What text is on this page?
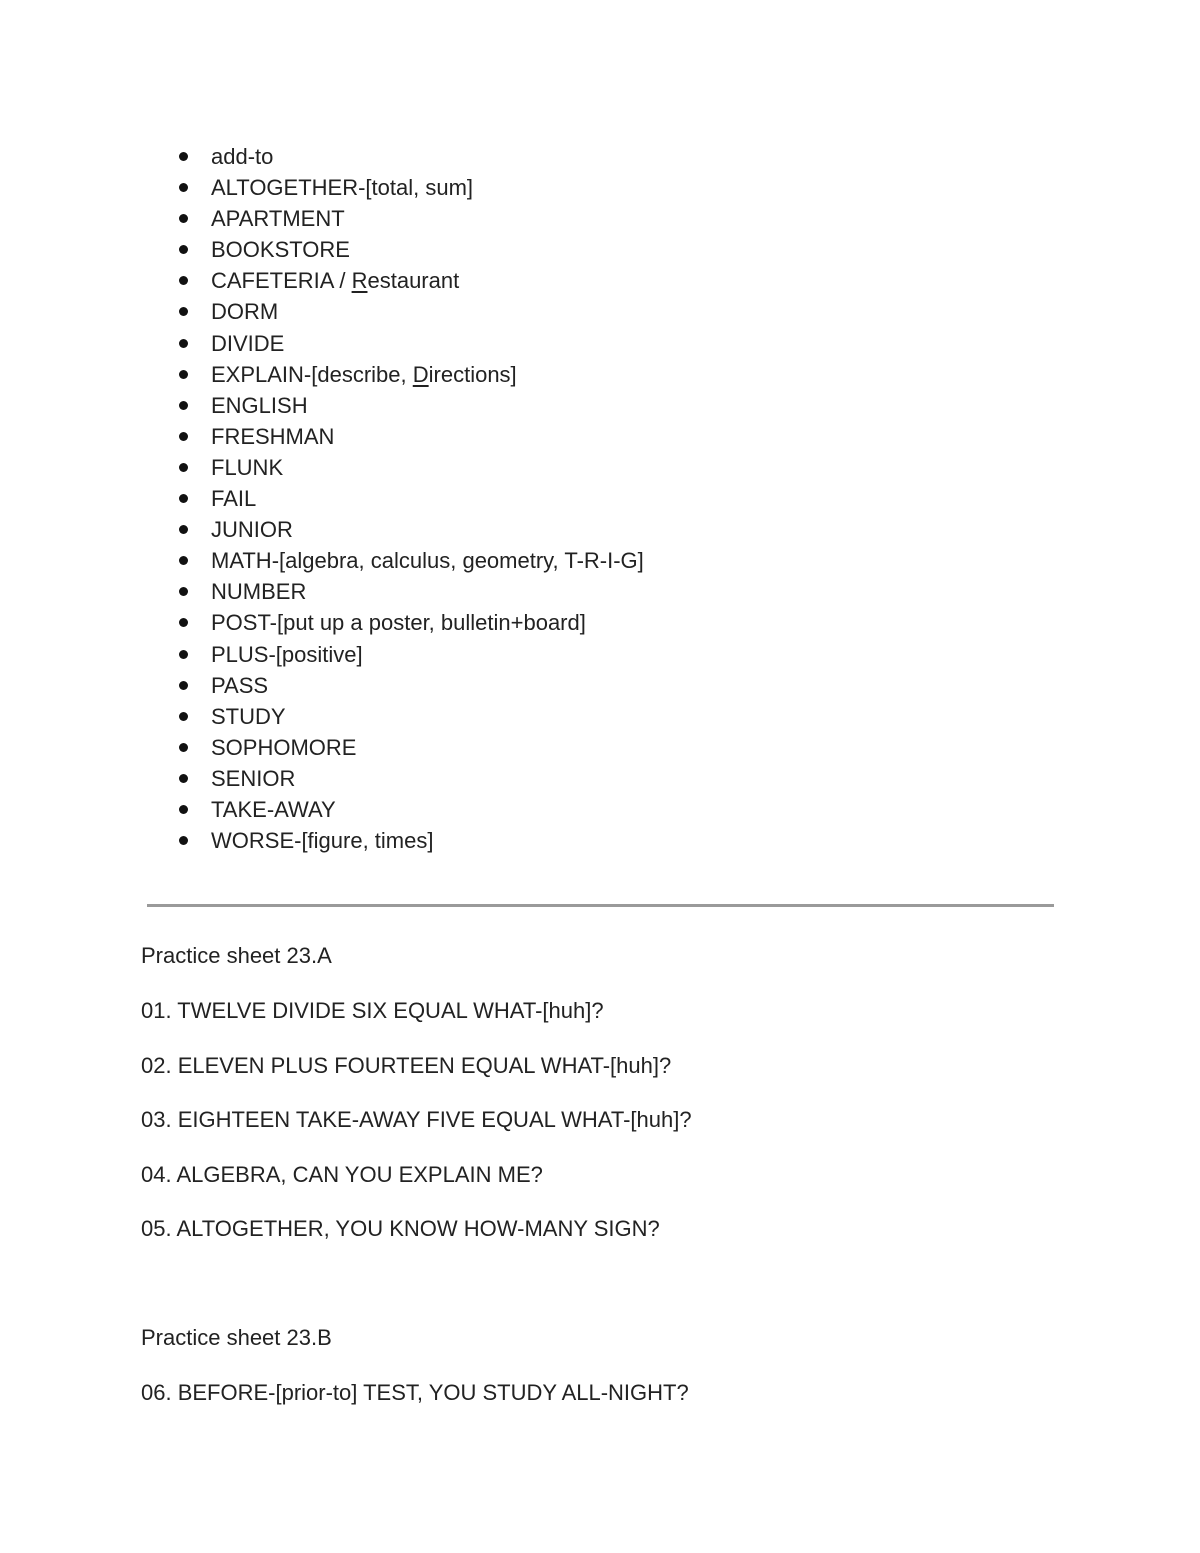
add-to
ALTOGETHER-[total, sum]
APARTMENT
BOOKSTORE
CAFETERIA / Restaurant
DORM
DIVIDE
EXPLAIN-[describe, Directions]
ENGLISH
FRESHMAN
FLUNK
FAIL
JUNIOR
MATH-[algebra, calculus, geometry, T-R-I-G]
NUMBER
POST-[put up a poster, bulletin+board]
PLUS-[positive]
PASS
STUDY
SOPHOMORE
SENIOR
TAKE-AWAY
WORSE-[figure, times]
Practice sheet 23.A
01. TWELVE DIVIDE SIX EQUAL WHAT-[huh]?
02. ELEVEN PLUS FOURTEEN EQUAL WHAT-[huh]?
03. EIGHTEEN TAKE-AWAY FIVE EQUAL WHAT-[huh]?
04. ALGEBRA, CAN YOU EXPLAIN ME?
05. ALTOGETHER, YOU KNOW HOW-MANY SIGN?
Practice sheet 23.B
06. BEFORE-[prior-to] TEST, YOU STUDY ALL-NIGHT?
